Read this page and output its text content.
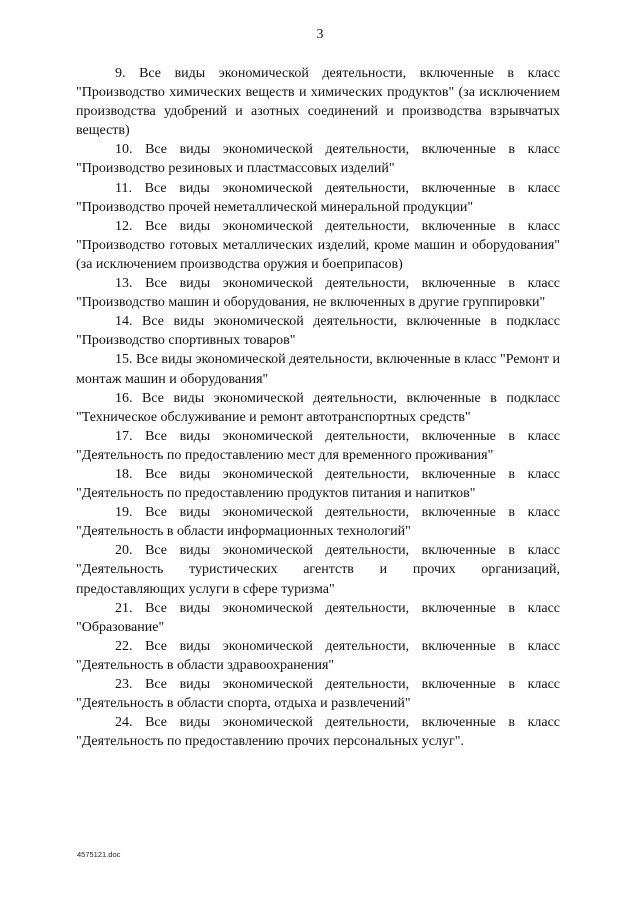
3

9. Все виды экономической деятельности, включенные в класс "Производство химических веществ и химических продуктов" (за исключением производства удобрений и азотных соединений и производства взрывчатых веществ)

10. Все виды экономической деятельности, включенные в класс "Производство резиновых и пластмассовых изделий"

11. Все виды экономической деятельности, включенные в класс "Производство прочей неметаллической минеральной продукции"

12. Все виды экономической деятельности, включенные в класс "Производство готовых металлических изделий, кроме машин и оборудования" (за исключением производства оружия и боеприпасов)

13. Все виды экономической деятельности, включенные в класс "Производство машин и оборудования, не включенных в другие группировки"

14. Все виды экономической деятельности, включенные в подкласс "Производство спортивных товаров"

15. Все виды экономической деятельности, включенные в класс "Ремонт и монтаж машин и оборудования"

16. Все виды экономической деятельности, включенные в подкласс "Техническое обслуживание и ремонт автотранспортных средств"

17. Все виды экономической деятельности, включенные в класс "Деятельность по предоставлению мест для временного проживания"

18. Все виды экономической деятельности, включенные в класс "Деятельность по предоставлению продуктов питания и напитков"

19. Все виды экономической деятельности, включенные в класс "Деятельность в области информационных технологий"

20. Все виды экономической деятельности, включенные в класс "Деятельность туристических агентств и прочих организаций, предоставляющих услуги в сфере туризма"

21. Все виды экономической деятельности, включенные в класс "Образование"

22. Все виды экономической деятельности, включенные в класс "Деятельность в области здравоохранения"

23. Все виды экономической деятельности, включенные в класс "Деятельность в области спорта, отдыха и развлечений"

24. Все виды экономической деятельности, включенные в класс "Деятельность по предоставлению прочих персональных услуг".

4575121.doc
